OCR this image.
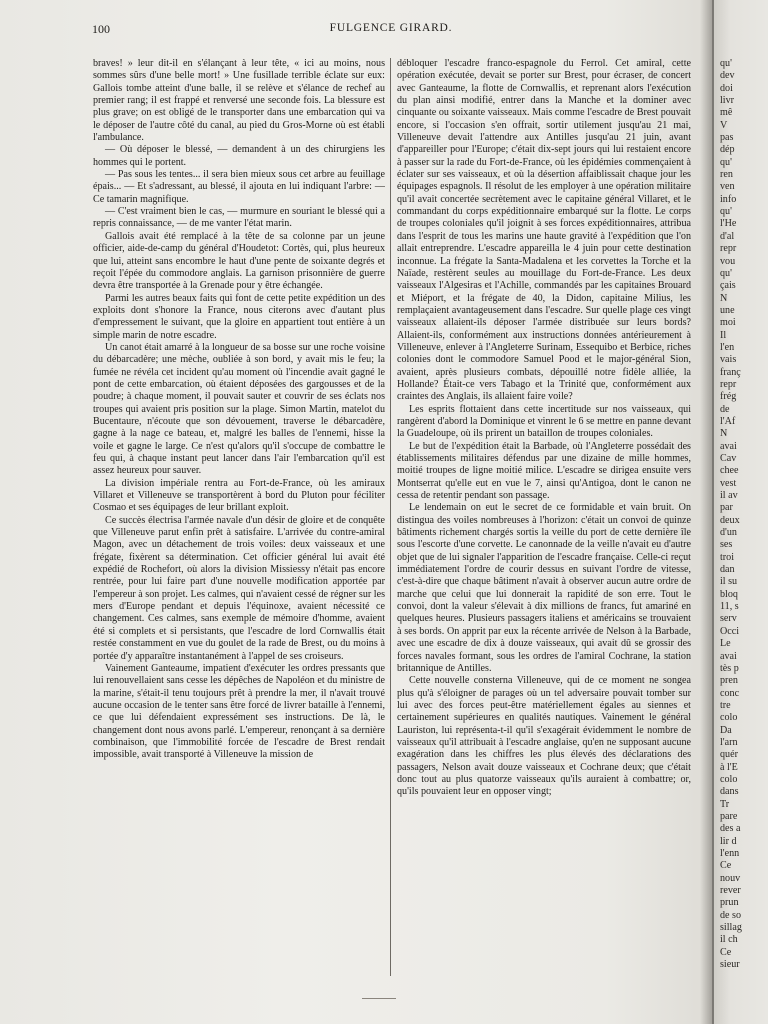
100	FULGENCE GIRARD.

braves! » leur dit-il en s'élançant à leur tête, « ici au moins, nous sommes sûrs d'une belle mort! » Une fusillade terrible éclate sur eux: Gallois tombe atteint d'une balle, il se relève et s'élance de rechef au premier rang; il est frappé et renversé une seconde fois. La blessure est plus grave; on est obligé de le transporter dans une embarcation qui va le déposer de l'autre côté du canal, au pied du Gros-Morne où est établi l'ambulance.

— Où déposer le blessé, — demandent à un des chirurgiens les hommes qui le portent.

— Pas sous les tentes... il sera bien mieux sous cet arbre au feuillage épais... — Et s'adressant, au blessé, il ajouta en lui indiquant l'arbre: — Ce tamarin magnifique.

— C'est vraiment bien le cas, — murmure en souriant le blessé qui a repris connaissance, — de me vanter l'état marin.

Gallois avait été remplacé à la tête de sa colonne par un jeune officier, aide-de-camp du général d'Houdetot: Cortès, qui, plus heureux que lui, atteint sans encombre le haut d'une pente de soixante degrés et reçoit l'épée du commodore anglais. La garnison prisonnière de guerre devra être transportée à la Grenade pour y être échangée.

Parmi les autres beaux faits qui font de cette petite expédition un des exploits dont s'honore la France, nous citerons avec d'autant plus d'empressement le suivant, que la gloire en appartient tout entière à un simple marin de notre escadre.

Un canot était amarré à la longueur de sa bosse sur une roche voisine du débarcadère; une mèche, oubliée à son bord, y avait mis le feu; la fumée ne révéla cet incident qu'au moment où l'incendie avait gagné le pont de cette embarcation, où étaient déposées des gargousses et de la poudre; à chaque moment, il pouvait sauter et couvrir de ses éclats nos troupes qui avaient pris position sur la plage. Simon Martin, matelot du Bucentaure, n'écoute que son dévouement, traverse le débarcadère, gagne à la nage ce bateau, et, malgré les balles de l'ennemi, hisse la voile et gagne le large. Ce n'est qu'alors qu'il s'occupe de combattre le feu qui, à chaque instant peut lancer dans l'air l'embarcation qu'il est assez heureux pour sauver.

La division impériale rentra au Fort-de-France, où les amiraux Villaret et Villeneuve se transportèrent à bord du Pluton pour féciliter Cosmao et ses équipages de leur brillant exploit.

Ce succès électrisa l'armée navale d'un désir de gloire et de conquête que Villeneuve parut enfin prêt à satisfaire. L'arrivée du contre-amiral Magon, avec un détachement de trois voiles: deux vaisseaux et une frégate, fixèrent sa détermination. Cet officier général lui avait été expédié de Rochefort, où alors la division Missiessy n'était pas encore rentrée, pour lui faire part d'une nouvelle modification apportée par l'empereur à son projet. Les calmes, qui n'avaient cessé de régner sur les mers d'Europe pendant et depuis l'équinoxe, avaient nécessité ce changement. Ces calmes, sans exemple de mémoire d'homme, avaient été si complets et si persistants, que l'escadre de lord Cornwallis était restée constamment en vue du goulet de la rade de Brest, ou du moins à portée d'y apparaître instantanément à l'appel de ses croiseurs.

Vainement Ganteaume, impatient d'exécuter les ordres pressants que lui renouvellaient sans cesse les dépêches de Napoléon et du ministre de la marine, s'était-il tenu toujours prêt à prendre la mer, il n'avait trouvé aucune occasion de le tenter sans être forcé de livrer bataille à l'ennemi, ce que lui défendaient expressément ses instructions. De là, le changement dont nous avons parlé. L'empereur, renonçant à sa dernière combinaison, que l'immobilité forcée de l'escadre de Brest rendait impossible, avait transporté à Villeneuve la mission de

débloquer l'escadre franco-espagnole du Ferrol. Cet amiral, cette opération exécutée, devait se porter sur Brest, pour écraser, de concert avec Ganteaume, la flotte de Cornwallis, et reprenant alors l'exécution du plan ainsi modifié, entrer dans la Manche et la dominer avec cinquante ou soixante vaisseaux. Mais comme l'escadre de Brest pouvait encore, si l'occasion s'en offrait, sortir utilement jusqu'au 21 mai, Villeneuve devait l'attendre aux Antilles jusqu'au 21 juin, avant d'appareiller pour l'Europe; c'était dix-sept jours qui lui restaient encore à passer sur la rade du Fort-de-France, où les épidémies commençaient à éclater sur ses vaisseaux, et où la désertion affaiblissait chaque jour les équipages espagnols. Il résolut de les employer à une opération militaire qu'il avait concertée secrètement avec le capitaine général Villaret, et le commandant du corps expéditionnaire embarqué sur la flotte. Le corps de troupes coloniales qu'il joignit à ses forces expéditionnaires, attribua dans l'esprit de tous les marins une haute gravité à l'expédition que l'on allait entreprendre. L'escadre appareilla le 4 juin pour cette destination inconnue. La frégate la Santa-Madalena et les corvettes la Torche et la Naïade, restèrent seules au mouillage du Fort-de-France. Les deux vaisseaux l'Algesiras et l'Achille, commandés par les capitaines Brouard et Miéport, et la frégate de 40, la Didon, capitaine Milius, les remplaçaient avantageusement dans l'escadre. Sur quelle plage ces vingt vaisseaux allaient-ils déposer l'armée distribuée sur leurs bords? Allaient-ils, conformément aux instructions données antérieurement à Villeneuve, enlever à l'Angleterre Surinam, Essequibo et Berbice, riches colonies dont le commodore Samuel Pood et le major-général Sion, avaient, après plusieurs combats, dépouillé notre fidèle alliée, la Hollande? Était-ce vers Tabago et la Trinité que, conformément aux craintes des Anglais, ils allaient faire voile?

Les esprits flottaient dans cette incertitude sur nos vaisseaux, qui rangèrent d'abord la Dominique et vinrent le 6 se mettre en panne devant la Guadeloupe, où ils prirent un bataillon de troupes coloniales.

Le but de l'expédition était la Barbade, où l'Angleterre possédait des établissements militaires défendus par une dizaine de mille hommes, moitié troupes de ligne moitié milice. L'escadre se dirigea ensuite vers Montserrat qu'elle eut en vue le 7, ainsi qu'Antigoa, dont le canon ne cessa de retentir pendant son passage.

Le lendemain on eut le secret de ce formidable et vain bruit. On distingua des voiles nombreuses à l'horizon: c'était un convoi de quinze bâtiments richement chargés sortis la veille du port de cette dernière île sous l'escorte d'une corvette. Le canonnade de la veille n'avait eu d'autre objet que de lui signaler l'apparition de l'escadre française. Celle-ci reçut immédiatement l'ordre de courir dessus en suivant l'ordre de vitesse, c'est-à-dire que chaque bâtiment n'avait à observer aucun autre ordre de marche que celui que lui donnerait la rapidité de son erre. Tout le convoi, dont la valeur s'élevait à dix millions de francs, fut amariné en quelques heures. Plusieurs passagers italiens et américains se trouvaient à ses bords. On apprit par eux la récente arrivée de Nelson à la Barbade, avec une escadre de dix à douze vaisseaux, qui avait dû se grossir des forces navales formant, sous les ordres de l'amiral Cochrane, la station britannique de Antilles.

Cette nouvelle consterna Villeneuve, qui de ce moment ne songea plus qu'à s'éloigner de parages où un tel adversaire pouvait tomber sur lui avec des forces peut-être matériellement égales au siennes et certainement supérieures en qualités nautiques. Vainement le général Lauriston, lui représenta-t-il qu'il s'exagérait évidemment le nombre de vaisseaux qu'il attribuait à l'escadre anglaise, qu'en ne supposant aucune exagération dans les chiffres les plus élevés des déclarations des passagers, Nelson avait douze vaisseaux et Cochrane deux; que c'était donc tout au plus quatorze vaisseaux qu'ils auraient à combattre; or, qu'ils pouvaient leur en opposer vingt;

qu'
dev
doi
livr
mê
V
pas
dép
qu'
ren
ven
info
qu'
l'He
d'al
repr
vou
qu'
çais
N
une
moi
Il
l'en
vais
franç
repr
frég
de
l'Af
N
avai
Cav
chee
vest
il av
par
deux
d'un
ses
troi
dan
il su
bloq
11, s
serv
Occi
Le
avai
tès p
pren
conc
tre
colo
Da
l'arn
quér
à l'E
colo
dans
Tr
pare
des a
lir d
l'enn
Ce
nouv
rever
prun
de so
sillag
il ch
Ce
sieur
